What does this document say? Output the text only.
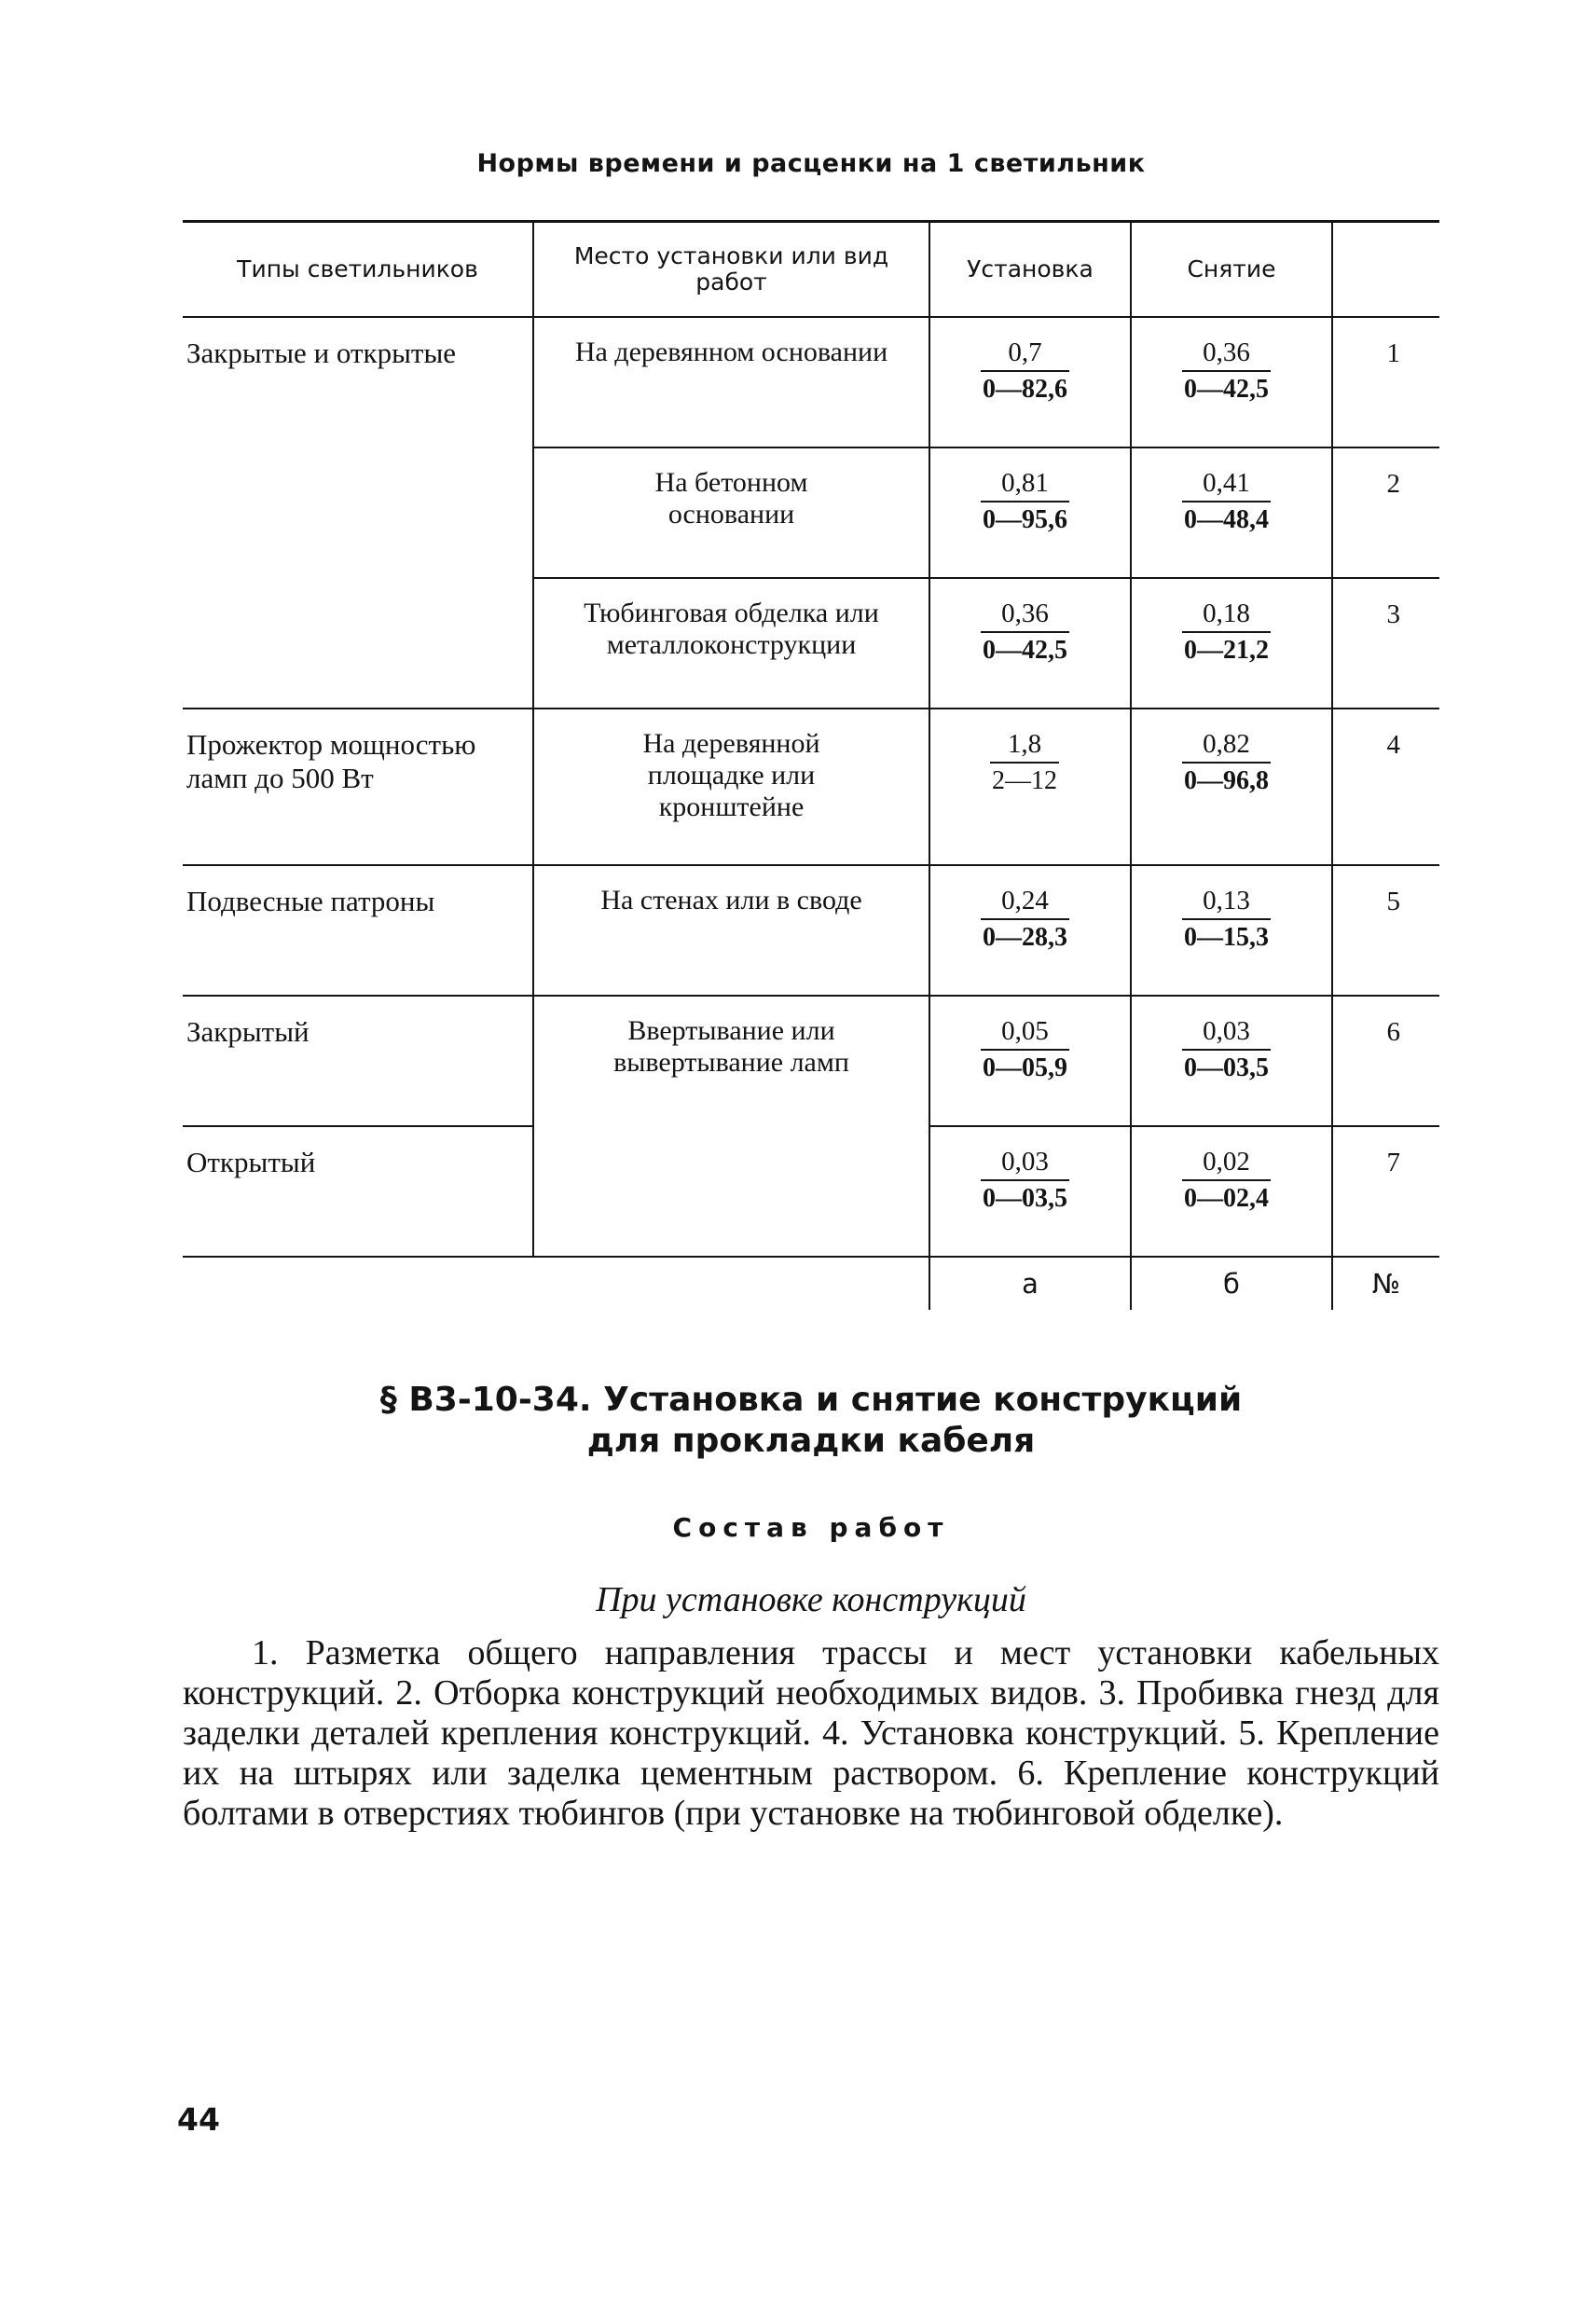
Нормы времени и расценки на 1 светильник
Типы светильников	Место установки или вид работ	Установка	Снятие	
Закрытые и открытые	На деревянном основании	$\frac{0,7}{0—82,6}$	$\frac{0,36}{0—42,5}$	1
	На бетонном основании	$\frac{0,81}{0—95,6}$	$\frac{0,41}{0—48,4}$	2
	Тюбинговая обделка или металлоконструкции	$\frac{0,36}{0—42,5}$	$\frac{0,18}{0—21,2}$	3
Прожектор мощностью ламп до 500 Вт	На деревянной площадке или кронштейне	$\frac{1,8}{2—12}$	$\frac{0,82}{0—96,8}$	4
Подвесные патроны	На стенах или в своде	$\frac{0,24}{0—28,3}$	$\frac{0,13}{0—15,3}$	5
Закрытый	Ввертывание или вывертывание ламп	$\frac{0,05}{0—05,9}$	$\frac{0,03}{0—03,5}$	6
Открытый		$\frac{0,03}{0—03,5}$	$\frac{0,02}{0—02,4}$	7
		а	б	№
§ В3-10-34. Установка и снятие конструкций
для прокладки кабеля
Состав работ
При установке конструкций
1. Разметка общего направления трассы и мест установки кабельных конструкций. 2. Отборка конструкций необходимых видов. 3. Пробивка гнезд для заделки деталей крепления конструкций. 4. Установка конструкций. 5. Крепление их на штырях или заделка цементным раствором. 6. Крепление конструкций болтами в отверстиях тюбингов (при установке на тюбинговой обделке).
44
